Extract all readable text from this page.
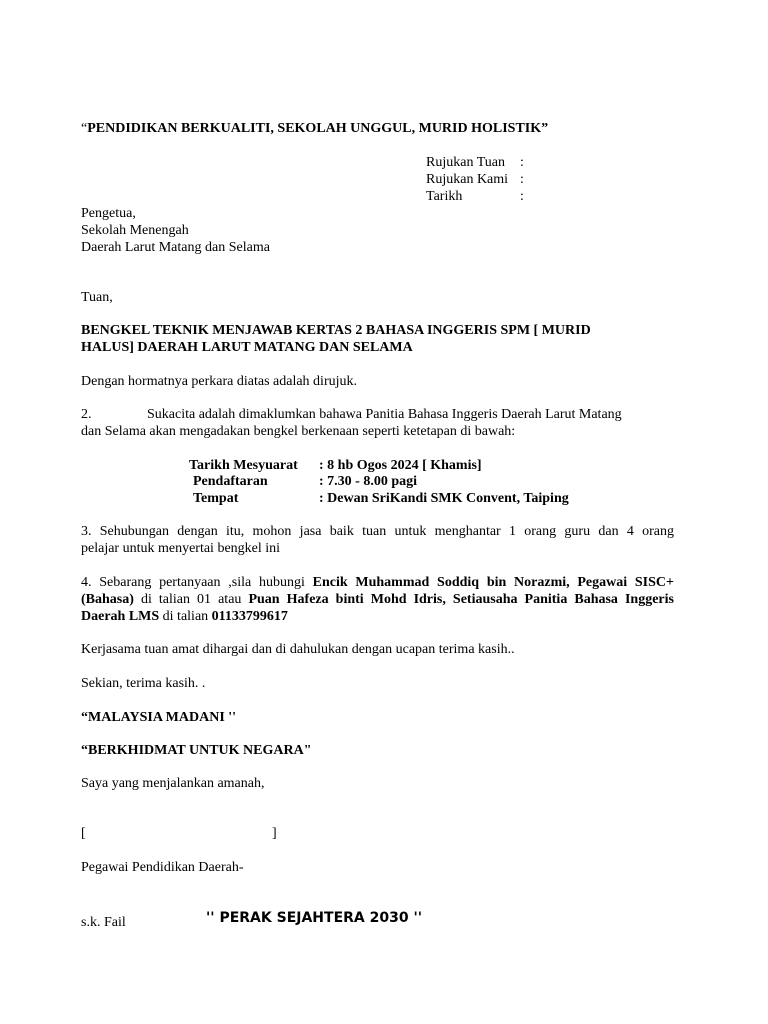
“PENDIDIKAN BERKUALITI, SEKOLAH UNGGUL, MURID HOLISTIK”
Rujukan Tuan :
Rujukan Kami :
Tarikh	:
Pengetua,
Sekolah Menengah
Daerah Larut Matang dan Selama
Tuan,
BENGKEL TEKNIK MENJAWAB KERTAS 2 BAHASA INGGERIS SPM [ MURID
HALUS] DAERAH LARUT MATANG DAN SELAMA
Dengan hormatnya perkara diatas adalah dirujuk.
2.	Sukacita adalah dimaklumkan bahawa Panitia Bahasa Inggeris Daerah Larut Matang
dan Selama akan mengadakan bengkel berkenaan seperti ketetapan di bawah:
Tarikh Mesyuarat : 8 hb Ogos 2024 [ Khamis]
Pendaftaran	: 7.30 - 8.00 pagi
Tempat	: Dewan SriKandi SMK Convent, Taiping
3. Sehubungan dengan itu, mohon jasa baik tuan untuk menghantar 1 orang guru dan 4 orang
pelajar untuk menyertai bengkel ini
4. Sebarang pertanyaan ,sila hubungi Encik Muhammad Soddiq bin Norazmi, Pegawai SISC+ (Bahasa) di talian 01 atau Puan Hafeza binti Mohd Idris, Setiausaha Panitia Bahasa Inggeris Daerah LMS di talian 01133799617
Kerjasama tuan amat dihargai dan di dahulukan dengan ucapan terima kasih..
Sekian, terima kasih. .
“MALAYSIA MADANI ''
“BERKHIDMAT UNTUK NEGARA"
Saya yang menjalankan amanah,
[	]
Pegawai Pendidikan Daerah-
s.k. Fail	'' PERAK SEJAHTERA 2030 ''
